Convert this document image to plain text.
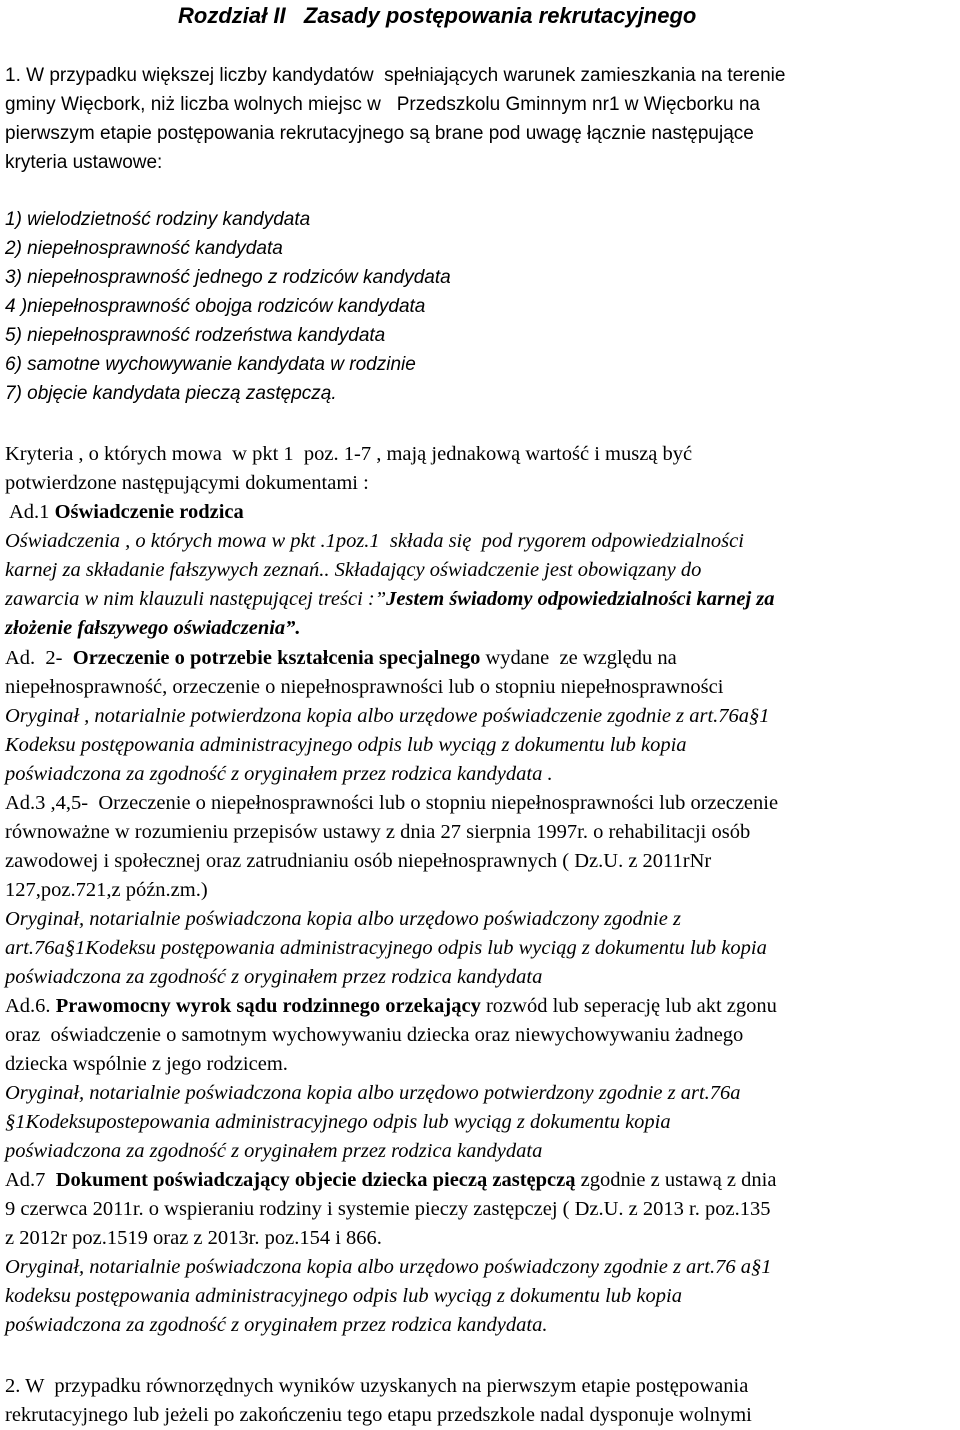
Rozdział II   Zasady postępowania rekrutacyjnego
1. W przypadku większej liczby kandydatów  spełniających warunek zamieszkania na terenie
gminy Więcbork, niż liczba wolnych miejsc w   Przedszkolu Gminnym nr1 w Więcborku na
pierwszym etapie postępowania rekrutacyjnego są brane pod uwagę łącznie następujące
kryteria ustawowe:
1) wielodzietność rodziny kandydata
2) niepełnosprawność kandydata
3) niepełnosprawność jednego z rodziców kandydata
4 )niepełnosprawność obojga rodziców kandydata
5) niepełnosprawność rodzeństwa kandydata
6) samotne wychowywanie kandydata w rodzinie
7) objęcie kandydata pieczą zastępczą.
Kryteria , o których mowa  w pkt 1  poz. 1-7 , mają jednakową wartość i muszą być
potwierdzone następującymi dokumentami :
Ad.1 Oświadczenie rodzica
Oświadczenia , o których mowa w pkt .1poz.1  składa się  pod rygorem odpowiedzialności
karnej za składanie fałszywych zeznań.. Składający oświadczenie jest obowiązany do
zawarcia w nim klauzuli następującej treści :”Jestem świadomy odpowiedzialności karnej za
złożenie fałszywego oświadczenia”.
Ad.  2-  Orzeczenie o potrzebie kształcenia specjalnego wydane  ze względu na
niepełnosprawność, orzeczenie o niepełnosprawności lub o stopniu niepełnosprawności
Oryginał , notarialnie potwierdzona kopia albo urzędowe poświadczenie zgodnie z art.76a§1
Kodeksu postępowania administracyjnego odpis lub wyciąg z dokumentu lub kopia
poświadczona za zgodność z oryginałem przez rodzica kandydata .
Ad.3 ,4,5-  Orzeczenie o niepełnosprawności lub o stopniu niepełnosprawności lub orzeczenie
równoważne w rozumieniu przepisów ustawy z dnia 27 sierpnia 1997r. o rehabilitacji osób
zawodowej i społecznej oraz zatrudnianiu osób niepełnosprawnych ( Dz.U. z 2011rNr
127,poz.721,z późn.zm.)
Oryginał, notarialnie poświadczona kopia albo urzędowo poświadczony zgodnie z
art.76a§1Kodeksu postępowania administracyjnego odpis lub wyciąg z dokumentu lub kopia
poświadczona za zgodność z oryginałem przez rodzica kandydata
Ad.6. Prawomocny wyrok sądu rodzinnego orzekający rozwód lub seperację lub akt zgonu
oraz  oświadczenie o samotnym wychowywaniu dziecka oraz niewychowywaniu żadnego
dziecka wspólnie z jego rodzicem.
Oryginał, notarialnie poświadczona kopia albo urzędowo potwierdzony zgodnie z art.76a
§1Kodeksupostepowania administracyjnego odpis lub wyciąg z dokumentu kopia
poświadczona za zgodność z oryginałem przez rodzica kandydata
Ad.7  Dokument poświadczający objecie dziecka pieczą zastępczą zgodnie z ustawą z dnia
9 czerwca 2011r. o wspieraniu rodziny i systemie pieczy zastępczej ( Dz.U. z 2013 r. poz.135
z 2012r poz.1519 oraz z 2013r. poz.154 i 866.
Oryginał, notarialnie poświadczona kopia albo urzędowo poświadczony zgodnie z art.76 a§1
kodeksu postępowania administracyjnego odpis lub wyciąg z dokumentu lub kopia
poświadczona za zgodność z oryginałem przez rodzica kandydata.
2. W  przypadku równorzędnych wyników uzyskanych na pierwszym etapie postępowania
rekrutacyjnego lub jeżeli po zakończeniu tego etapu przedszkole nadal dysponuje wolnymi
